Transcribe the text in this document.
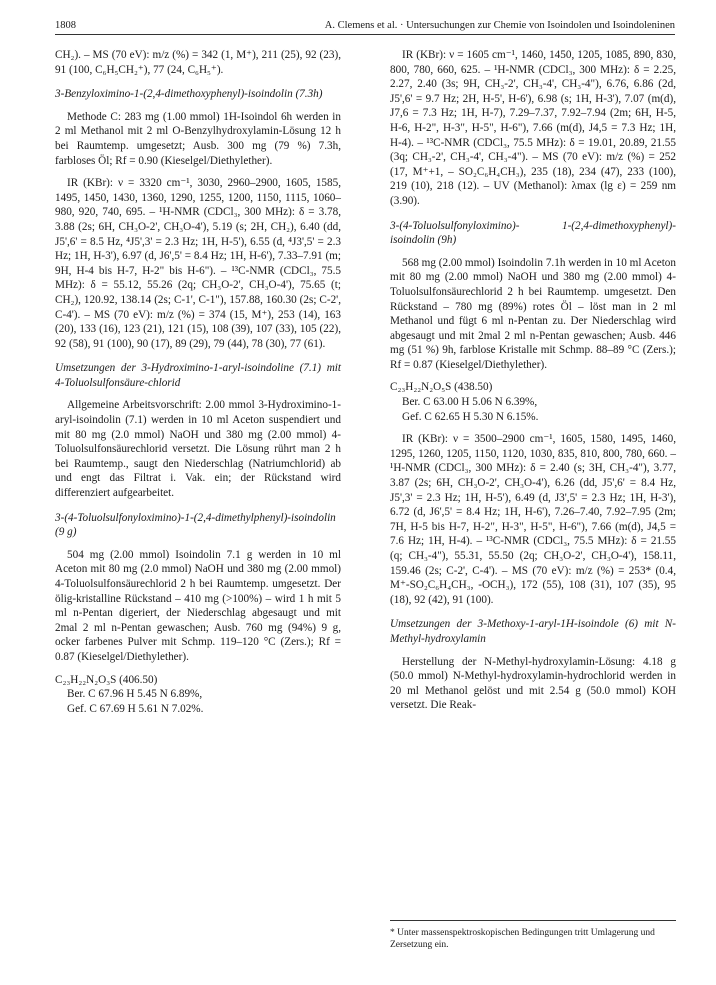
1808	A. Clemens et al. · Untersuchungen zur Chemie von Isoindolen und Isoindoleninen

CH₂). – MS (70 eV): m/z (%) = 342 (1, M⁺), 211 (25), 92 (23), 91 (100, C₆H₅CH₂⁺), 77 (24, C₆H₅⁺).

3-Benzyloximino-1-(2,4-dimethoxyphenyl)-isoindolin (7.3h)

Methode C: 283 mg (1.00 mmol) 1H-Isoindol 6h werden in 2 ml Methanol mit 2 ml O-Benzylhydroxylamin-Lösung 12 h bei Raumtemp. umgesetzt; Ausb. 300 mg (79 %) 7.3h, farbloses Öl; Rf = 0.90 (Kieselgel/Diethylether).

IR (KBr): ν = 3320 cm⁻¹, 3030, 2960–2900, 1605, 1585, 1495, 1450, 1430, 1360, 1290, 1255, 1200, 1150, 1115, 1060–980, 920, 740, 695. – ¹H-NMR (CDCl₃, 300 MHz): δ = 3.78, 3.88 (2s; 6H, CH₃O-2', CH₃O-4'), 5.19 (s; 2H, CH₂), 6.40 (dd, J5',6' = 8.5 Hz, ⁴J5',3' = 2.3 Hz; 1H, H-5'), 6.55 (d, ⁴J3',5' = 2.3 Hz; 1H, H-3'), 6.97 (d, J6',5' = 8.4 Hz; 1H, H-6'), 7.33–7.91 (m; 9H, H-4 bis H-7, H-2" bis H-6"). – ¹³C-NMR (CDCl₃, 75.5 MHz): δ = 55.12, 55.26 (2q; CH₃O-2', CH₃O-4'), 75.65 (t; CH₂), 120.92, 138.14 (2s; C-1', C-1"), 157.88, 160.30 (2s; C-2', C-4'). – MS (70 eV): m/z (%) = 374 (15, M⁺), 253 (14), 163 (20), 133 (16), 123 (21), 121 (15), 108 (39), 107 (33), 105 (22), 92 (58), 91 (100), 90 (17), 89 (29), 79 (44), 78 (30), 77 (61).

Umsetzungen der 3-Hydroximino-1-aryl-isoindoline (7.1) mit 4-Toluolsulfonsäure-chlorid

Allgemeine Arbeitsvorschrift: 2.00 mmol 3-Hydroximino-1-aryl-isoindolin (7.1) werden in 10 ml Aceton suspendiert und mit 80 mg (2.0 mmol) NaOH und 380 mg (2.00 mmol) 4-Toluolsulfonsäurechlorid versetzt. Die Lösung rührt man 2 h bei Raumtemp., saugt den Niederschlag (Natriumchlorid) ab und engt das Filtrat i. Vak. ein; der Rückstand wird differenziert aufgearbeitet.

3-(4-Toluolsulfonyloximino)-1-(2,4-dimethylphenyl)-isoindolin (9 g)

504 mg (2.00 mmol) Isoindolin 7.1 g werden in 10 ml Aceton mit 80 mg (2.0 mmol) NaOH und 380 mg (2.00 mmol) 4-Toluolsulfonsäurechlorid 2 h bei Raumtemp. umgesetzt. Der ölig-kristalline Rückstand – 410 mg (>100%) – wird 1 h mit 5 ml n-Pentan digeriert, der Niederschlag abgesaugt und mit 2mal 2 ml n-Pentan gewaschen; Ausb. 760 mg (94%) 9 g, ocker farbenes Pulver mit Schmp. 119–120 °C (Zers.); Rf = 0.87 (Kieselgel/Diethylether).

C₂₃H₂₂N₂O₃S (406.50)
Ber. C 67.96 H 5.45 N 6.89%,
Gef. C 67.69 H 5.61 N 7.02%.

IR (KBr): ν = 1605 cm⁻¹, 1460, 1450, 1205, 1085, 890, 830, 800, 780, 660, 625. – ¹H-NMR (CDCl₃, 300 MHz): δ = 2.25, 2.27, 2.40 (3s; 9H, CH₃-2', CH₃-4', CH₃-4"), 6.76, 6.86 (2d, J5',6' = 9.7 Hz; 2H, H-5', H-6'), 6.98 (s; 1H, H-3'), 7.07 (m(d), J7,6 = 7.3 Hz; 1H, H-7), 7.29–7.37, 7.92–7.94 (2m; 6H, H-5, H-6, H-2", H-3", H-5", H-6"), 7.66 (m(d), J4,5 = 7.3 Hz; 1H, H-4). – ¹³C-NMR (CDCl₃, 75.5 MHz): δ = 19.01, 20.89, 21.55 (3q; CH₃-2', CH₃-4', CH₃-4"). – MS (70 eV): m/z (%) = 252 (17, M⁺+1, – SO₂C₆H₄CH₃), 235 (18), 234 (47), 233 (100), 219 (10), 218 (12). – UV (Methanol): λmax (lg ε) = 259 nm (3.90).

3-(4-Toluolsulfonyloximino)- 1-(2,4-dimethoxyphenyl)-isoindolin (9h)

568 mg (2.00 mmol) Isoindolin 7.1h werden in 10 ml Aceton mit 80 mg (2.00 mmol) NaOH und 380 mg (2.00 mmol) 4-Toluolsulfonsäurechlorid 2 h bei Raumtemp. umgesetzt. Den Rückstand – 780 mg (89%) rotes Öl – löst man in 2 ml Methanol und fügt 6 ml n-Pentan zu. Der Niederschlag wird abgesaugt und mit 2mal 2 ml n-Pentan gewaschen; Ausb. 446 mg (51 %) 9h, farblose Kristalle mit Schmp. 88–89 °C (Zers.); Rf = 0.87 (Kieselgel/Diethylether).

C₂₃H₂₂N₂O₅S (438.50)
Ber. C 63.00 H 5.06 N 6.39%,
Gef. C 62.65 H 5.30 N 6.15%.

IR (KBr): ν = 3500–2900 cm⁻¹, 1605, 1580, 1495, 1460, 1295, 1260, 1205, 1150, 1120, 1030, 835, 810, 800, 780, 660. – ¹H-NMR (CDCl₃, 300 MHz): δ = 2.40 (s; 3H, CH₃-4"), 3.77, 3.87 (2s; 6H, CH₃O-2', CH₃O-4'), 6.26 (dd, J5',6' = 8.4 Hz, J5',3' = 2.3 Hz; 1H, H-5'), 6.49 (d, J3',5' = 2.3 Hz; 1H, H-3'), 6.72 (d, J6',5' = 8.4 Hz; 1H, H-6'), 7.26–7.40, 7.92–7.95 (2m; 7H, H-5 bis H-7, H-2", H-3", H-5", H-6"), 7.66 (m(d), J4,5 = 7.6 Hz; 1H, H-4). – ¹³C-NMR (CDCl₃, 75.5 MHz): δ = 21.55 (q; CH₃-4"), 55.31, 55.50 (2q; CH₃O-2', CH₃O-4'), 158.11, 159.46 (2s; C-2', C-4'). – MS (70 eV): m/z (%) = 253* (0.4, M⁺-SO₂C₆H₄CH₃, -OCH₃), 172 (55), 108 (31), 107 (35), 95 (18), 92 (42), 91 (100).

Umsetzungen der 3-Methoxy-1-aryl-1H-isoindole (6) mit N-Methyl-hydroxylamin

Herstellung der N-Methyl-hydroxylamin-Lösung: 4.18 g (50.0 mmol) N-Methyl-hydroxylamin-hydrochlorid werden in 20 ml Methanol gelöst und mit 2.54 g (50.0 mmol) KOH versetzt. Die Reak-

* Unter massenspektroskopischen Bedingungen tritt Umlagerung und Zersetzung ein.
